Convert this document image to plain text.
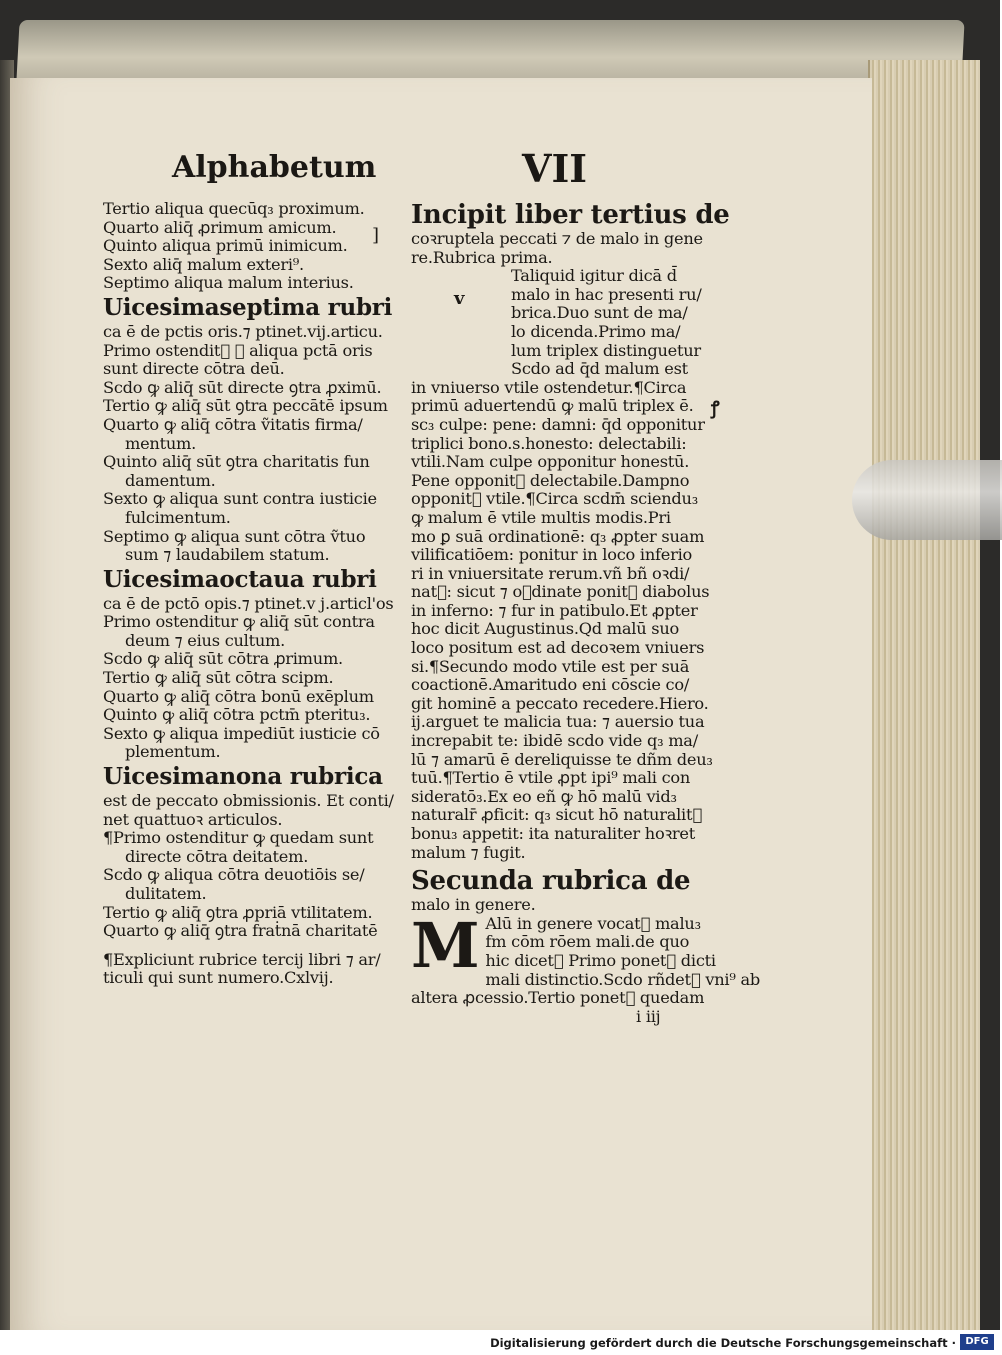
Alphabetum	VII
Tertio aliqua quecūq₃ proximum.
Quarto aliq̄ ꝓrimum amicum.
Quinto aliqua primū inimicum.
Sexto aliq̄ malum exteri⁹.
Septimo aliqua malum interius.
Uicesimaseptima rubri
ca ē de pctis oris.⁊ ptinet.vij.articu.
Primo ostendit᷑ ꝙ aliqua pctā oris
sunt directe cōtra deū.
Scdo ꝙ aliq̄ sūt directe ꝯtra ꝓximū.
Tertio ꝙ aliq̄ sūt ꝯtra peccātē ipsum
Quarto ꝙ aliq̄ cōtra ṽitatis firma/
mentum.
Quinto aliq̄ sūt ꝯtra charitatis fun
damentum.
Sexto ꝙ aliqua sunt contra iusticie
fulcimentum.
Septimo ꝙ aliqua sunt cōtra ṽtuo
sum ⁊ laudabilem statum.
Uicesimaoctaua rubri
ca ē de pctō opis.⁊ ptinet.v j.articl'os
Primo ostenditur ꝙ aliq̄ sūt contra
deum ⁊ eius cultum.
Scdo ꝙ aliq̄ sūt cōtra ꝓrimum.
Tertio ꝙ aliq̄ sūt cōtra scipm.
Quarto ꝙ aliq̄ cōtra bonū exēplum
Quinto ꝙ aliq̄ cōtra pctm̄ pteritu₃.
Sexto ꝙ aliqua impediūt iusticie cō
plementum.
Uicesimanona rubrica
est de peccato obmissionis. Et conti/
net quattuoꝛ articulos.
¶Primo ostenditur ꝙ quedam sunt
directe cōtra deitatem.
Scdo ꝙ aliqua cōtra deuotiōis se/
dulitatem.
Tertio ꝙ aliq̄ ꝯtra ꝓpriā vtilitatem.
Quarto ꝙ aliq̄ ꝯtra fraṫnā charitatē
¶Expliciunt rubrice tercij libri ⁊ ar/
ticuli qui sunt numero.Cxlvij.
Incipit liber tertius de
coꝛruptela peccati ⁊ de malo in gene
re.Rubrica prima.
Taliquid igitur dicā d̄
malo in hac presenti ru/
brica.Duo sunt de ma/
lo dicenda.Primo ma/
lum triplex distinguetur
Scdo ad q̄d malum est
in vniuerso vtile ostendetur.¶Circa
primū aduertendū ꝙ malū triplex ē.
sc₃ culpe: pene: damni: q̄d opponitur
triplici bono.s.honesto: delectabili:
vtili.Nam culpe opponitur honestū.
Pene opponit᷑ delectabile.Dampno
opponit᷑ vtile.¶Circa scdm̄ sciendu₃
ꝙ malum ē vtile multis modis.Pri
mo ꝑ suā ordinationē: q₃ ꝓpter suam
vilificatiōem: ponitur in loco inferio
ri in vniuersitate rerum.vñ bñ oꝛdi/
nat᷑: sicut ⁊ oꝛdinate ponit᷑ diabolus
in inferno: ⁊ fur in patibulo.Et ꝓpter
hoc dicit Augustinus.Qd malū suo
loco positum est ad decoꝛem vniuers
si.¶Secundo modo vtile est per suā
coactionē.Amaritudo eni cōscie co/
git hominē a peccato recedere.Hiero.
ij.arguet te malicia tua: ⁊ auersio tua
increpabit te: ibidē scdo vide q₃ ma/
lū ⁊ amarū ē dereliquisse te dñm deu₃
tuū.¶Tertio ē vtile ꝓpt ipi⁹ mali con
sideratō₃.Ex eo eñ ꝙ hō malū vid₃
naturalr̄ ꝓficit: q₃ sicut hō naturalit᷑
bonu₃ appetit: ita naturaliter hoꝛret
malum ⁊ fugit.
Secunda rubrica de
malo in genere.
M Alū in genere vocat᷑ malu₃
fm cōm rōem mali.de quo
hic dicet᷑ Primo ponet᷑ dicti
mali distinctio.Scdo rñdet᷑ vni⁹ ab
altera ꝓcessio.Tertio ponet᷑ quedam
i iij
v
ꝭ
]
Digitalisierung gefördert durch die Deutsche Forschungsgemeinschaft · DFG
